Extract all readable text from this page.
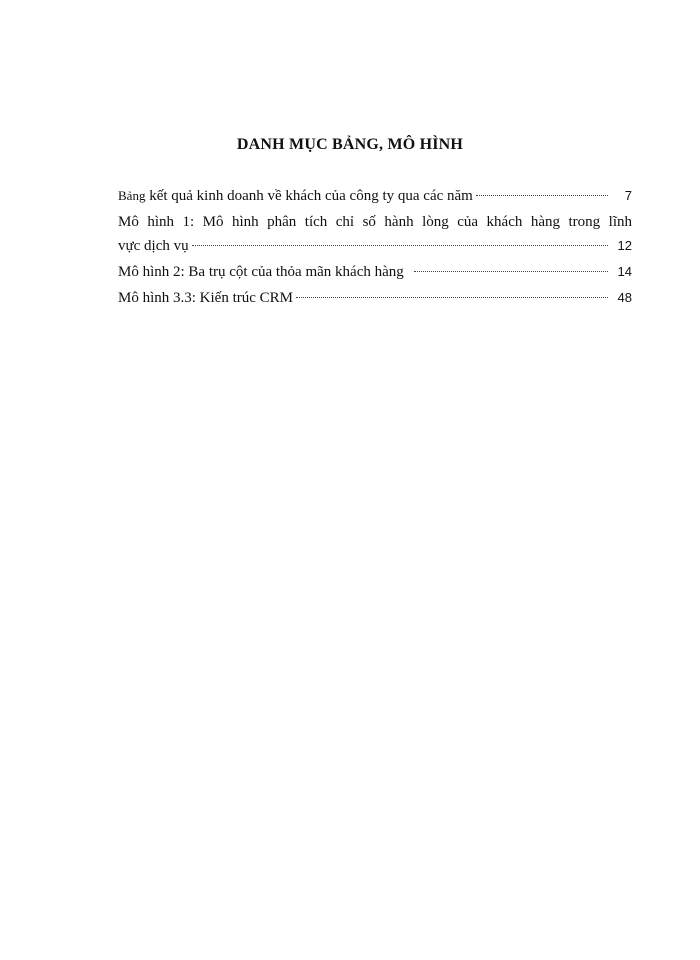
DANH MỤC BẢNG, MÔ HÌNH
Bảng kết quả kinh doanh về khách của công ty qua các năm	7
Mô hình 1: Mô hình phân tích chỉ số hành lòng của khách hàng trong lĩnh
vực dịch vụ	12
Mô hình 2: Ba trụ cột của thỏa mãn khách hàng	14
Mô hình 3.3: Kiến trúc CRM	48
